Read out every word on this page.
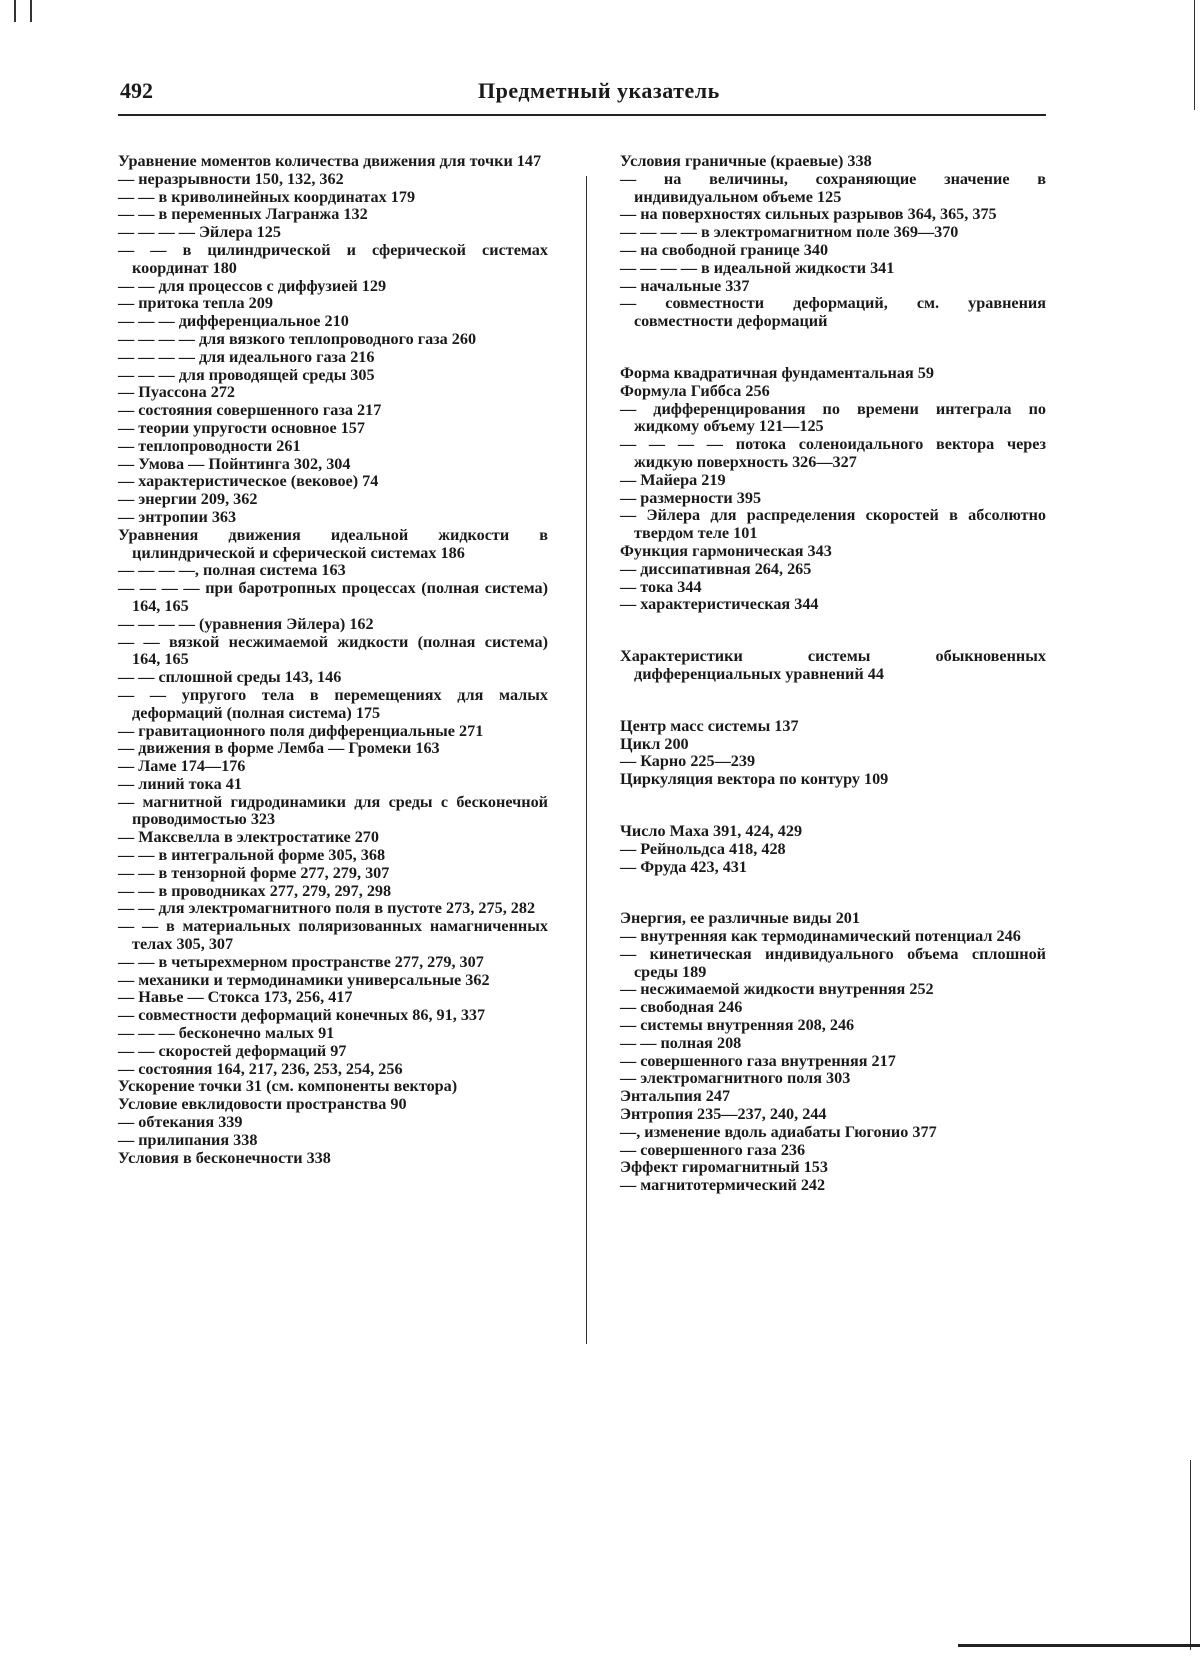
492	Предметный указатель

Уравнение моментов количества движения для точки 147

— неразрывности 150, 132, 362

— — в криволинейных координатах 179

— — в переменных Лагранжа 132

— — — — Эйлера 125

— — в цилиндрической и сферической системах координат 180

— — для процессов с диффузией 129

— притока тепла 209

— — — дифференциальное 210

— — — — для вязкого теплопроводного газа 260

— — — — для идеального газа 216

— — — для проводящей среды 305

— Пуассона 272

— состояния совершенного газа 217

— теории упругости основное 157

— теплопроводности 261

— Умова — Пойнтинга 302, 304

— характеристическое (вековое) 74

— энергии 209, 362

— энтропии 363

Уравнения движения идеальной жидкости в цилиндрической и сферической системах 186

— — — —, полная система 163

— — — — при баротропных процессах (полная система) 164, 165

— — — — (уравнения Эйлера) 162

— — вязкой несжимаемой жидкости (полная система) 164, 165

— — сплошной среды 143, 146

— — упругого тела в перемещениях для малых деформаций (полная система) 175

— гравитационного поля дифференциальные 271

— движения в форме Лемба — Громеки 163

— Ламе 174—176

— линий тока 41

— магнитной гидродинамики для среды с бесконечной проводимостью 323

— Максвелла в электростатике 270

— — в интегральной форме 305, 368

— — в тензорной форме 277, 279, 307

— — в проводниках 277, 279, 297, 298

— — для электромагнитного поля в пустоте 273, 275, 282

— — в материальных поляризованных намагниченных телах 305, 307

— — в четырехмерном пространстве 277, 279, 307

— механики и термодинамики универсальные 362

— Навье — Стокса 173, 256, 417

— совместности деформаций конечных 86, 91, 337

— — — бесконечно малых 91

— — скоростей деформаций 97

— состояния 164, 217, 236, 253, 254, 256

Ускорение точки 31 (см. компоненты вектора)

Условие евклидовости пространства 90

— обтекания 339

— прилипания 338

Условия в бесконечности 338

Условия граничные (краевые) 338

— на величины, сохраняющие значение в индивидуальном объеме 125

— на поверхностях сильных разрывов 364, 365, 375

— — — — в электромагнитном поле 369—370

— на свободной границе 340

— — — — в идеальной жидкости 341

— начальные 337

— совместности деформаций, см. уравнения совместности деформаций

Форма квадратичная фундаментальная 59

Формула Гиббса 256

— дифференцирования по времени интеграла по жидкому объему 121—125

— — — — потока соленоидального вектора через жидкую поверхность 326—327

— Майера 219

— размерности 395

— Эйлера для распределения скоростей в абсолютно твердом теле 101

Функция гармоническая 343

— диссипативная 264, 265

— тока 344

— характеристическая 344

Характеристики системы обыкновенных дифференциальных уравнений 44

Центр масс системы 137

Цикл 200

— Карно 225—239

Циркуляция вектора по контуру 109

Число Маха 391, 424, 429

— Рейнольдса 418, 428

— Фруда 423, 431

Энергия, ее различные виды 201

— внутренняя как термодинамический потенциал 246

— кинетическая индивидуального объема сплошной среды 189

— несжимаемой жидкости внутренняя 252

— свободная 246

— системы внутренняя 208, 246

— — полная 208

— совершенного газа внутренняя 217

— электромагнитного поля 303

Энтальпия 247

Энтропия 235—237, 240, 244

—, изменение вдоль адиабаты Гюгонио 377

— совершенного газа 236

Эффект гиромагнитный 153

— магнитотермический 242
